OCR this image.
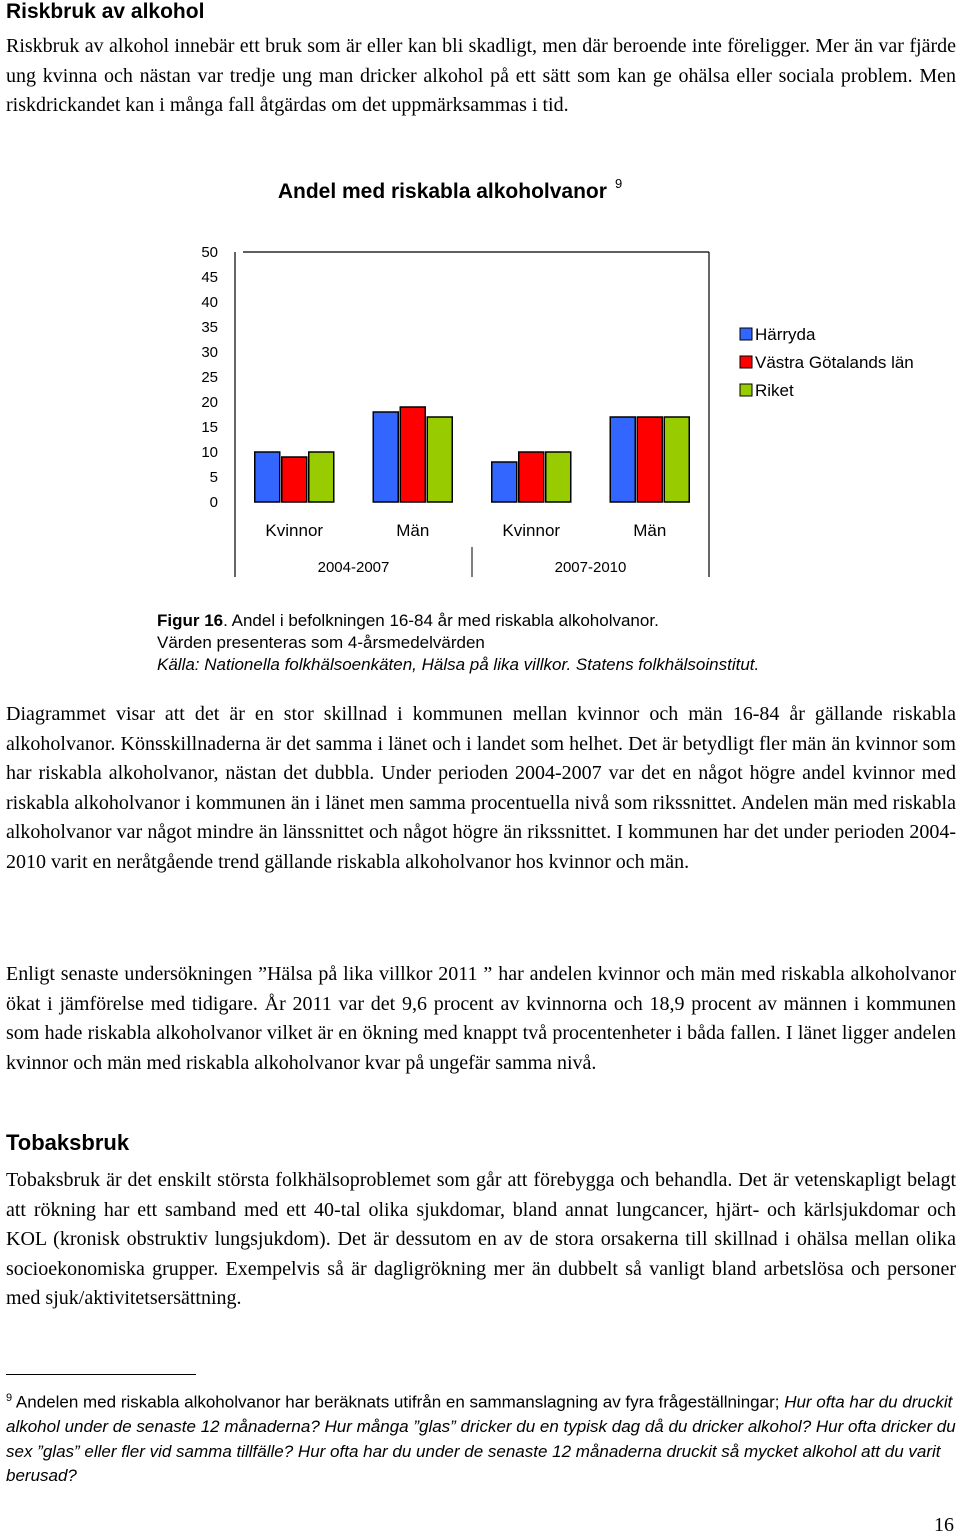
Riskbruk av alkohol
Riskbruk av alkohol innebär ett bruk som är eller kan bli skadligt, men där beroende inte föreligger. Mer än var fjärde ung kvinna och nästan var tredje ung man dricker alkohol på ett sätt som kan ge ohälsa eller sociala problem. Men riskdrickandet kan i många fall åtgärdas om det uppmärksammas i tid.
Andel med riskabla alkoholvanor $^9$
0
5
10
15
20
25
30
35
40
45
50
Kvinnor	Män	Kvinnor	Män
2004-2007	2007-2010
Härryda
Västra Götalands län
Riket
Figur 16. Andel i befolkningen 16-84 år med riskabla alkoholvanor.
Värden presenteras som 4-årsmedelvärden
Källa: Nationella folkhälsoenkäten, Hälsa på lika villkor. Statens folkhälsoinstitut.
Diagrammet visar att det är en stor skillnad i kommunen mellan kvinnor och män 16-84 år gällande riskabla alkoholvanor. Könsskillnaderna är det samma i länet och i landet som helhet. Det är betydligt fler män än kvinnor som har riskabla alkoholvanor, nästan det dubbla. Under perioden 2004-2007 var det en något högre andel kvinnor med riskabla alkoholvanor i kommunen än i länet men samma procentuella nivå som rikssnittet. Andelen män med riskabla alkoholvanor var något mindre än länssnittet och något högre än rikssnittet. I kommunen har det under perioden 2004-2010 varit en neråtgående trend gällande riskabla alkoholvanor hos kvinnor och män.
Enligt senaste undersökningen ”Hälsa på lika villkor 2011 ” har andelen kvinnor och män med riskabla alkoholvanor ökat i jämförelse med tidigare. År 2011 var det 9,6 procent av kvinnorna och 18,9 procent av männen i kommunen som hade riskabla alkoholvanor vilket är en ökning med knappt två procentenheter i båda fallen. I länet ligger andelen kvinnor och män med riskabla alkoholvanor kvar på ungefär samma nivå.
Tobaksbruk
Tobaksbruk är det enskilt största folkhälsoproblemet som går att förebygga och behandla. Det är vetenskapligt belagt att rökning har ett samband med ett 40-tal olika sjukdomar, bland annat lungcancer, hjärt- och kärlsjukdomar och KOL (kronisk obstruktiv lungsjukdom). Det är dessutom en av de stora orsakerna till skillnad i ohälsa mellan olika socioekonomiska grupper. Exempelvis så är dagligrökning mer än dubbelt så vanligt bland arbetslösa och personer med sjuk/aktivitetsersättning.
$^9$ Andelen med riskabla alkoholvanor har beräknats utifrån en sammanslagning av fyra frågeställningar; Hur ofta har du druckit alkohol under de senaste 12 månaderna? Hur många ”glas” dricker du en typisk dag då du dricker alkohol? Hur ofta dricker du sex ”glas” eller fler vid samma tillfälle? Hur ofta har du under de senaste 12 månaderna druckit så mycket alkohol att du varit berusad?
16
